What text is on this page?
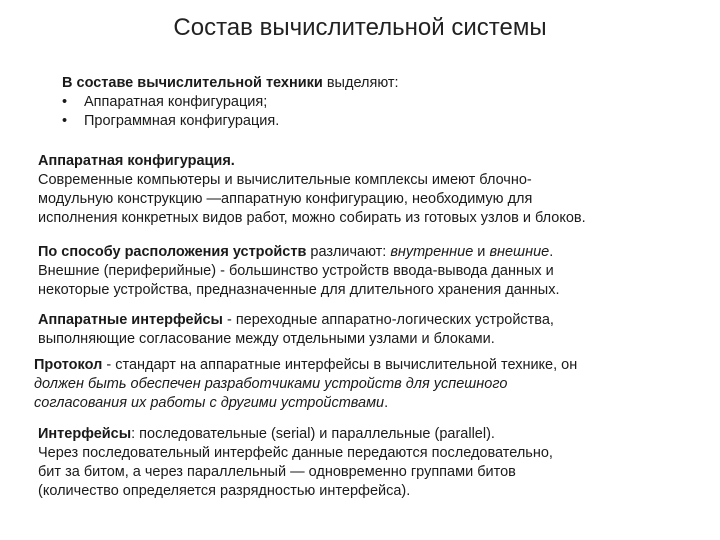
Состав вычислительной системы
В составе вычислительной техники выделяют:
• Аппаратная конфигурация;
• Программная конфигурация.
Аппаратная конфигурация.
Современные компьютеры и вычислительные комплексы имеют блочно-
модульную конструкцию —аппаратную конфигурацию, необходимую для
исполнения конкретных видов работ, можно собирать из готовых узлов и блоков.
По способу расположения устройств различают: внутренние и внешние.
Внешние (периферийные) - большинство устройств ввода-вывода данных и
некоторые устройства, предназначенные для длительного хранения данных.
Аппаратные интерфейсы - переходные аппаратно-логических устройства,
выполняющие согласование между отдельными узлами и блоками.
Протокол - стандарт на аппаратные интерфейсы в вычислительной технике, он
должен быть обеспечен разработчиками устройств для успешного
согласования их работы с другими устройствами.
Интерфейсы: последовательные (serial) и параллельные (parallel).
Через последовательный интерфейс данные передаются последовательно,
бит за битом, а через параллельный — одновременно группами битов
(количество определяется разрядностью интерфейса).
